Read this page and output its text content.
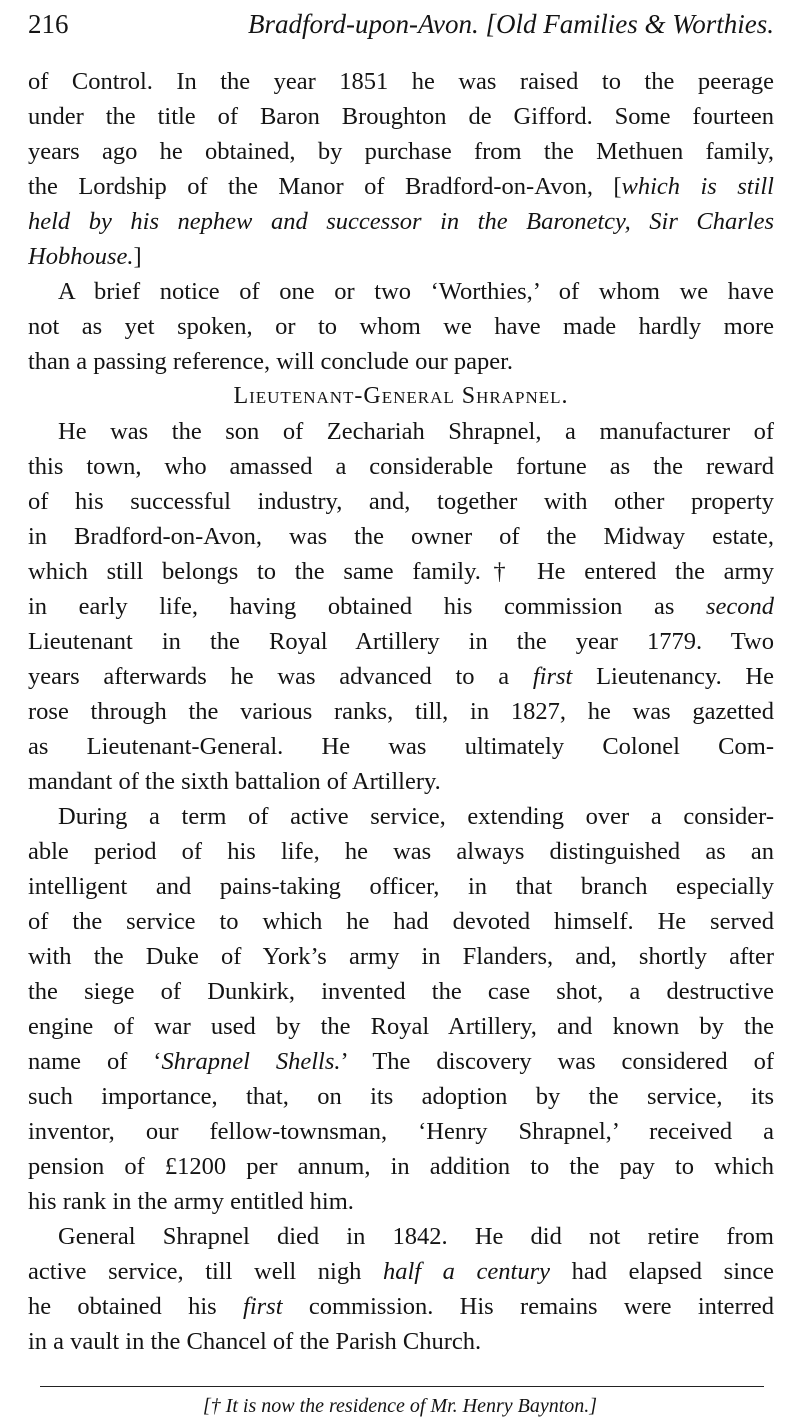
216	Bradford-upon-Avon. [Old Families & Worthies.
of Control. In the year 1851 he was raised to the peerage
under the title of Baron Broughton de Gifford. Some fourteen
years ago he obtained, by purchase from the Methuen family,
the Lordship of the Manor of Bradford-on-Avon, [which is still
held by his nephew and successor in the Baronetcy, Sir Charles
Hobhouse.]
A brief notice of one or two ‘Worthies,’ of whom we have
not as yet spoken, or to whom we have made hardly more
than a passing reference, will conclude our paper.
Lieutenant-General Shrapnel.
He was the son of Zechariah Shrapnel, a manufacturer of
this town, who amassed a considerable fortune as the reward
of his successful industry, and, together with other property
in Bradford-on-Avon, was the owner of the Midway estate,
which still belongs to the same family.† He entered the army
in early life, having obtained his commission as second
Lieutenant in the Royal Artillery in the year 1779. Two
years afterwards he was advanced to a first Lieutenancy. He
rose through the various ranks, till, in 1827, he was gazetted
as Lieutenant-General. He was ultimately Colonel Com-
mandant of the sixth battalion of Artillery.
During a term of active service, extending over a consider-
able period of his life, he was always distinguished as an
intelligent and pains-taking officer, in that branch especially
of the service to which he had devoted himself. He served
with the Duke of York’s army in Flanders, and, shortly after
the siege of Dunkirk, invented the case shot, a destructive
engine of war used by the Royal Artillery, and known by the
name of ‘Shrapnel Shells.’ The discovery was considered of
such importance, that, on its adoption by the service, its
inventor, our fellow-townsman, ‘Henry Shrapnel,’ received a
pension of £1200 per annum, in addition to the pay to which
his rank in the army entitled him.
General Shrapnel died in 1842. He did not retire from
active service, till well nigh half a century had elapsed since
he obtained his first commission. His remains were interred
in a vault in the Chancel of the Parish Church.
[† It is now the residence of Mr. Henry Baynton.]
